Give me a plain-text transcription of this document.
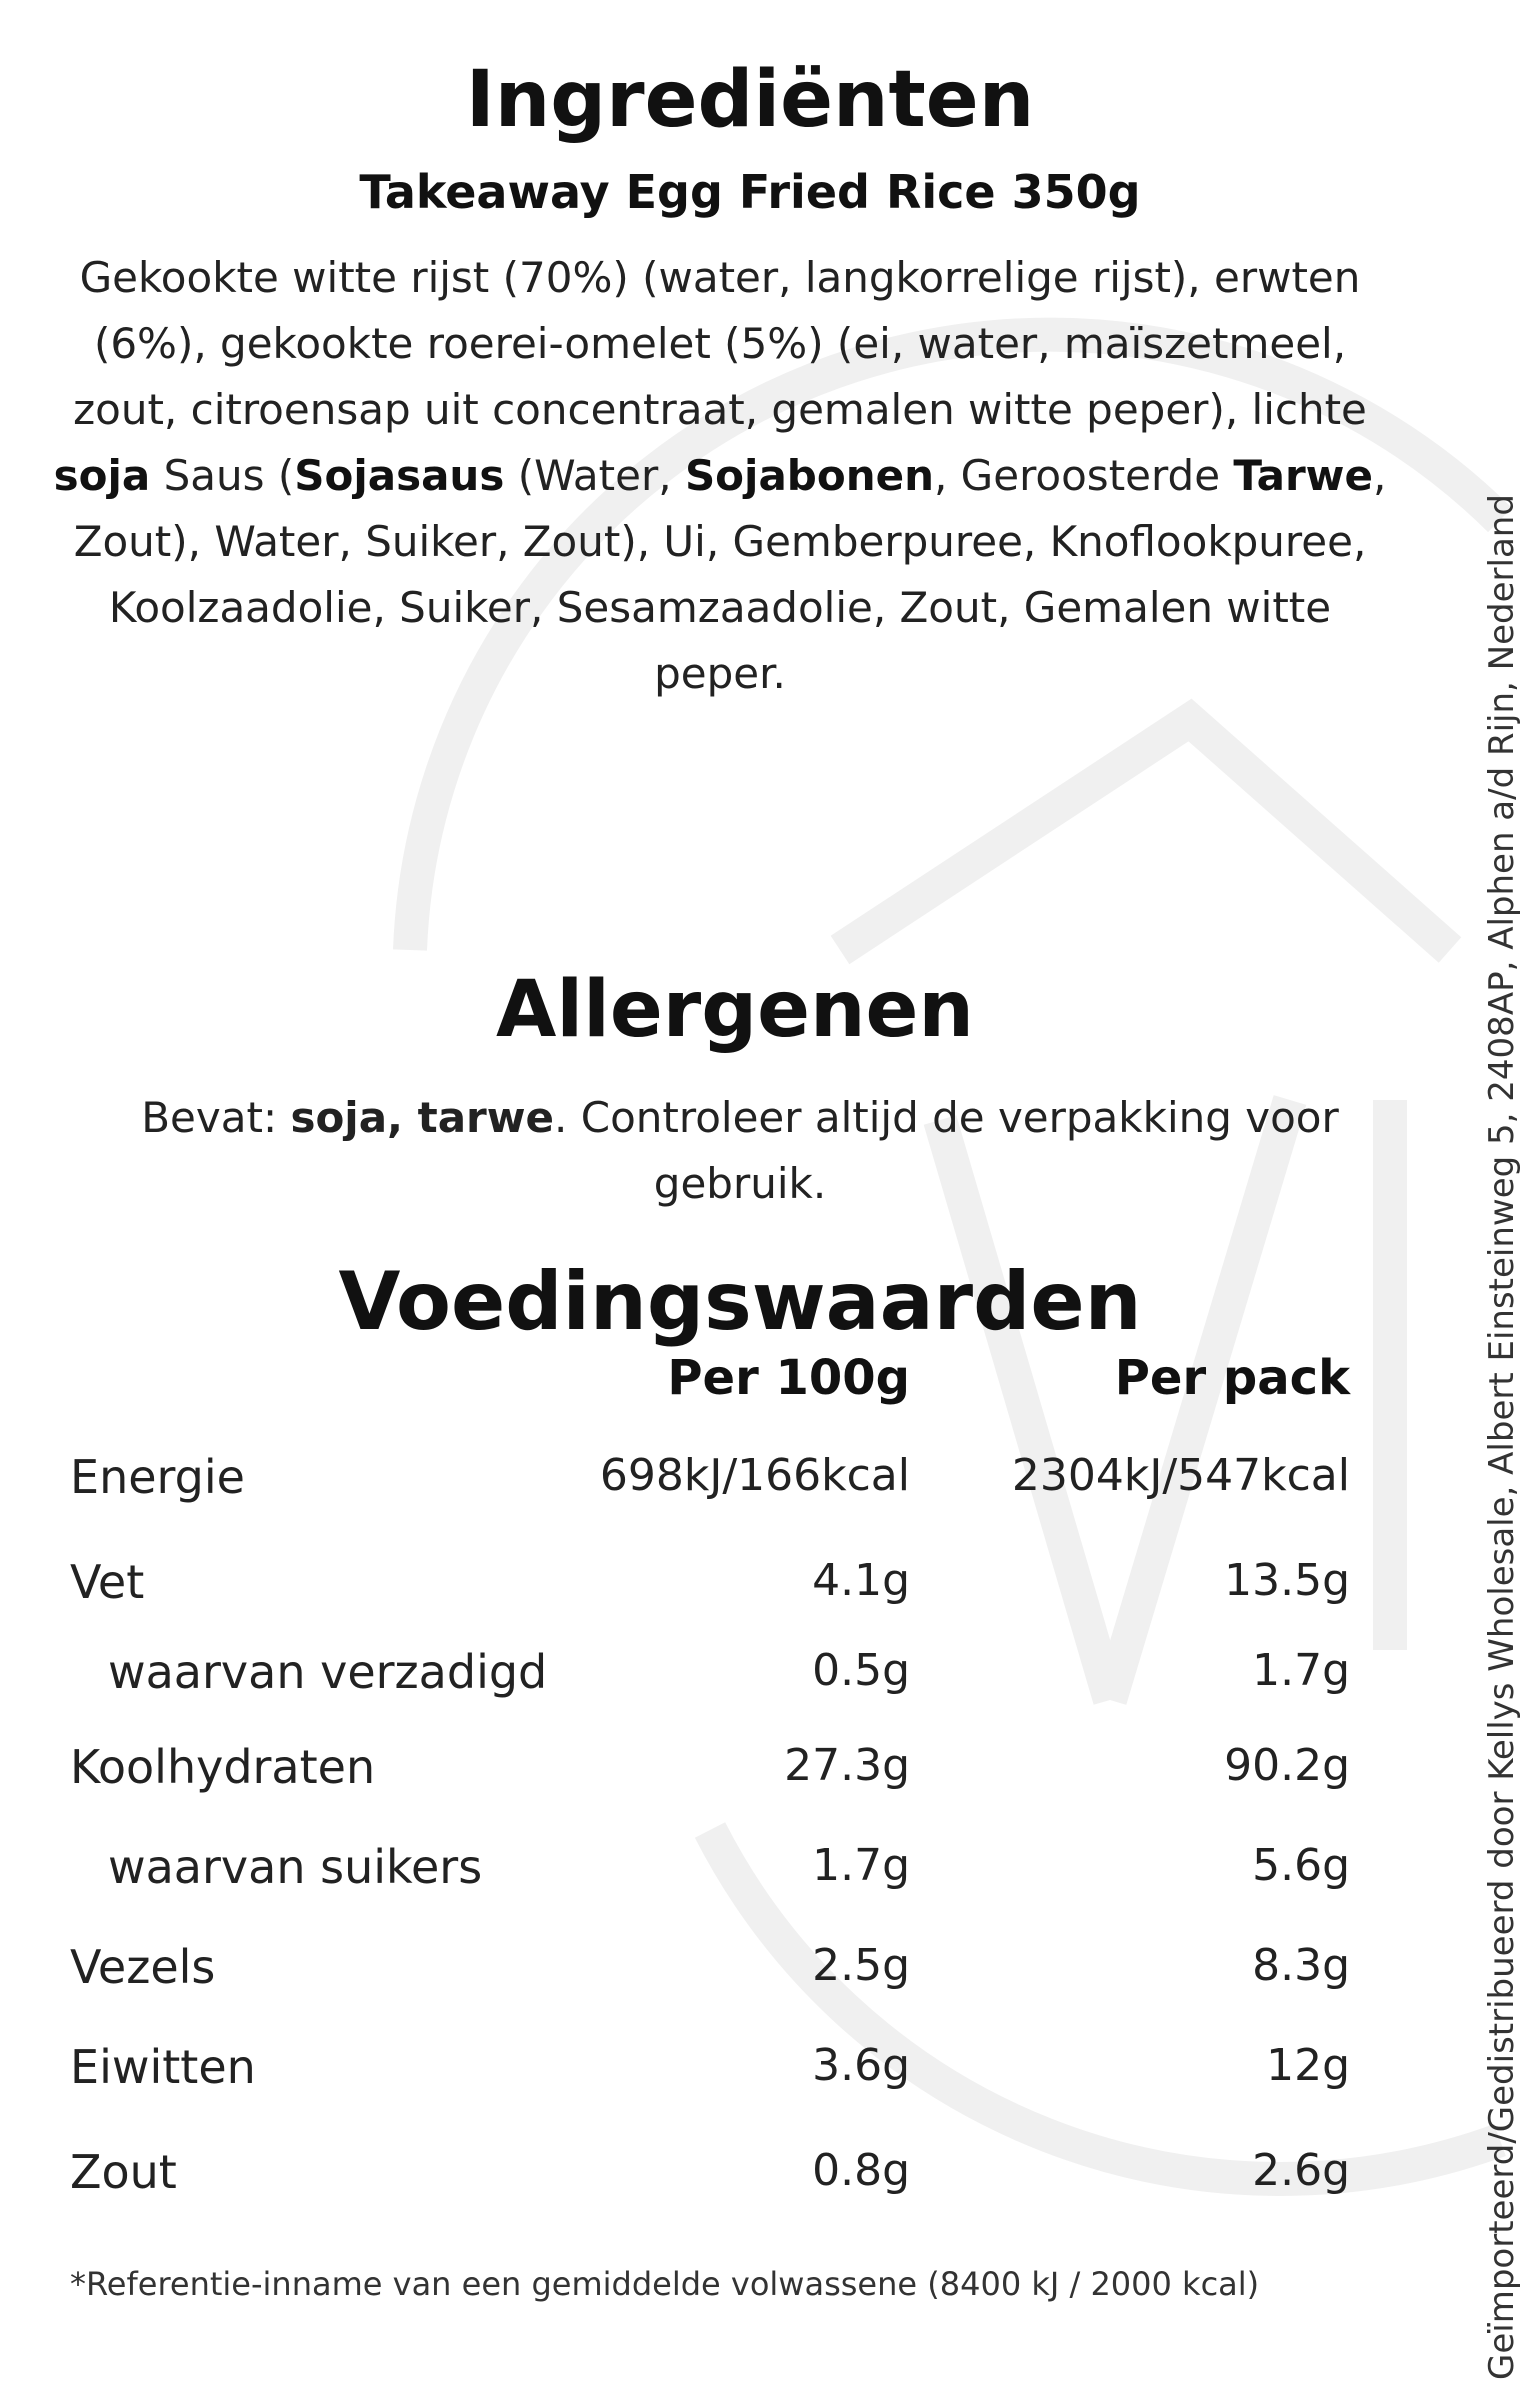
Ingrediënten
Takeaway Egg Fried Rice 350g
Gekookte witte rijst (70%) (water, langkorrelige rijst), erwten (6%), gekookte roerei-omelet (5%) (ei, water, maïszetmeel, zout, citroensap uit concentraat, gemalen witte peper), lichte soja Saus (Sojasaus (Water, Sojabonen, Geroosterde Tarwe, Zout), Water, Suiker, Zout), Ui, Gemberpuree, Knoflookpuree, Koolzaadolie, Suiker, Sesamzaadolie, Zout, Gemalen witte peper.
Allergenen
Bevat: soja, tarwe. Controleer altijd de verpakking voor gebruik.
Voedingswaarden
Per 100g	Per pack
Energie	698kJ/166kcal	2304kJ/547kcal
Vet	4.1g	13.5g
waarvan verzadigd	0.5g	1.7g
Koolhydraten	27.3g	90.2g
waarvan suikers	1.7g	5.6g
Vezels	2.5g	8.3g
Eiwitten	3.6g	12g
Zout	0.8g	2.6g
*Referentie-inname van een gemiddelde volwassene (8400 kJ / 2000 kcal)	Geïmporteerd/Gedistribueerd door Kellys Wholesale, Albert Einsteinweg 5, 2408AP, Alphen a/d Rijn, Nederland
